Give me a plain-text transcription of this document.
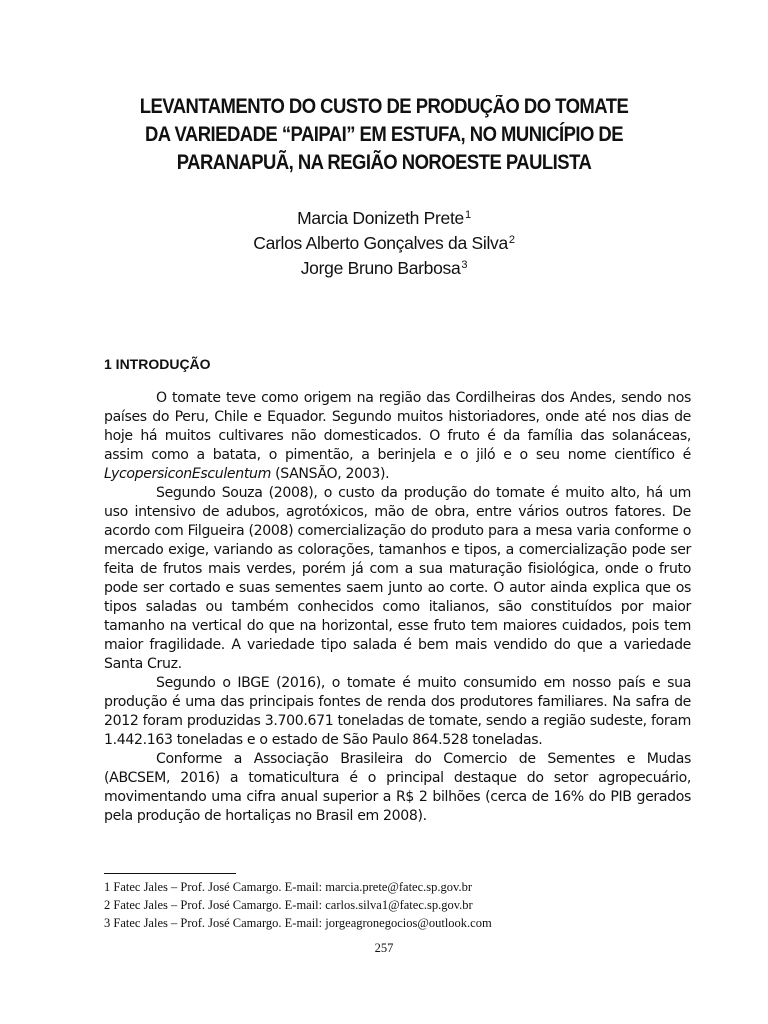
LEVANTAMENTO DO CUSTO DE PRODUÇÃO DO TOMATE
DA VARIEDADE “PAIPAI” EM ESTUFA, NO MUNICÍPIO DE
PARANAPUÃ, NA REGIÃO NOROESTE PAULISTA
Marcia Donizeth Prete$^1$
Carlos Alberto Gonçalves da Silva$^2$
Jorge Bruno Barbosa$^3$
1 INTRODUÇÃO

O tomate teve como origem na região das Cordilheiras dos Andes, sendo nos países do Peru, Chile e Equador. Segundo muitos historiadores, onde até nos dias de hoje há muitos cultivares não domesticados. O fruto é da família das solanáceas, assim como a batata, o pimentão, a berinjela e o jiló e o seu nome científico é LycopersiconEsculentum (SANSÃO, 2003).

Segundo Souza (2008), o custo da produção do tomate é muito alto, há um uso intensivo de adubos, agrotóxicos, mão de obra, entre vários outros fatores. De acordo com Filgueira (2008) comercialização do produto para a mesa varia conforme o mercado exige, variando as colorações, tamanhos e tipos, a comercialização pode ser feita de frutos mais verdes, porém já com a sua maturação fisiológica, onde o fruto pode ser cortado e suas sementes saem junto ao corte. O autor ainda explica que os tipos saladas ou também conhecidos como italianos, são constituídos por maior tamanho na vertical do que na horizontal, esse fruto tem maiores cuidados, pois tem maior fragilidade. A variedade tipo salada é bem mais vendido do que a variedade Santa Cruz.

Segundo o IBGE (2016), o tomate é muito consumido em nosso país e sua produção é uma das principais fontes de renda dos produtores familiares. Na safra de 2012 foram produzidas 3.700.671 toneladas de tomate, sendo a região sudeste, foram 1.442.163 toneladas e o estado de São Paulo 864.528 toneladas.

Conforme a Associação Brasileira do Comercio de Sementes e Mudas (ABCSEM, 2016) a tomaticultura é o principal destaque do setor agropecuário, movimentando uma cifra anual superior a R$ 2 bilhões (cerca de 16% do PIB gerados pela produção de hortaliças no Brasil em 2008).

1 Fatec Jales – Prof. José Camargo. E-mail: marcia.prete@fatec.sp.gov.br
2 Fatec Jales – Prof. José Camargo. E-mail: carlos.silva1@fatec.sp.gov.br
3 Fatec Jales – Prof. José Camargo. E-mail: jorgeagronegocios@outlook.com
257
